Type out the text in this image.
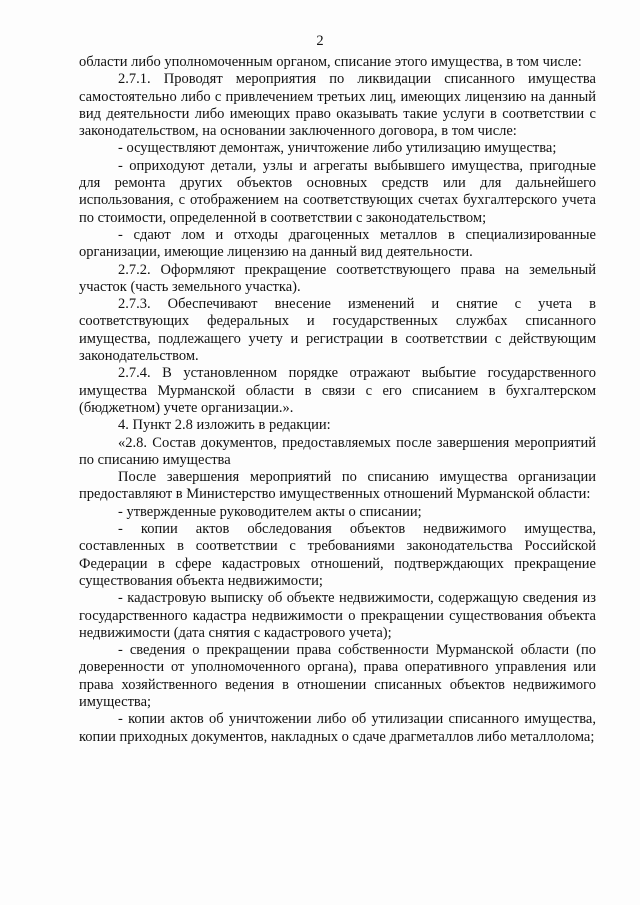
2

области либо уполномоченным органом, списание этого имущества, в том числе:

2.7.1. Проводят мероприятия по ликвидации списанного имущества самостоятельно либо с привлечением третьих лиц, имеющих лицензию на данный вид деятельности либо имеющих право оказывать такие услуги в соответствии с законодательством, на основании заключенного договора, в том числе:

- осуществляют демонтаж, уничтожение либо утилизацию имущества;

- оприходуют детали, узлы и агрегаты выбывшего имущества, пригодные для ремонта других объектов основных средств или для дальнейшего использования, с отображением на соответствующих счетах бухгалтерского учета по стоимости, определенной в соответствии с законодательством;

- сдают лом и отходы драгоценных металлов в специализированные организации, имеющие лицензию на данный вид деятельности.

2.7.2. Оформляют прекращение соответствующего права на земельный участок (часть земельного участка).

2.7.3. Обеспечивают внесение изменений и снятие с учета в соответствующих федеральных и государственных службах списанного имущества, подлежащего учету и регистрации в соответствии с действующим законодательством.

2.7.4. В установленном порядке отражают выбытие государственного имущества Мурманской области в связи с его списанием в бухгалтерском (бюджетном) учете организации.».

4. Пункт 2.8 изложить в редакции:

«2.8. Состав документов, предоставляемых после завершения мероприятий по списанию имущества

После завершения мероприятий по списанию имущества организации предоставляют в Министерство имущественных отношений Мурманской области:

- утвержденные руководителем акты о списании;

- копии актов обследования объектов недвижимого имущества, составленных в соответствии с требованиями законодательства Российской Федерации в сфере кадастровых отношений, подтверждающих прекращение существования объекта недвижимости;

- кадастровую выписку об объекте недвижимости, содержащую сведения из государственного кадастра недвижимости о прекращении существования объекта недвижимости (дата снятия с кадастрового учета);

- сведения о прекращении права собственности Мурманской области (по доверенности от уполномоченного органа), права оперативного управления или права хозяйственного ведения в отношении списанных объектов недвижимого имущества;

- копии актов об уничтожении либо об утилизации списанного имущества, копии приходных документов, накладных о сдаче драгметаллов либо металлолома;
